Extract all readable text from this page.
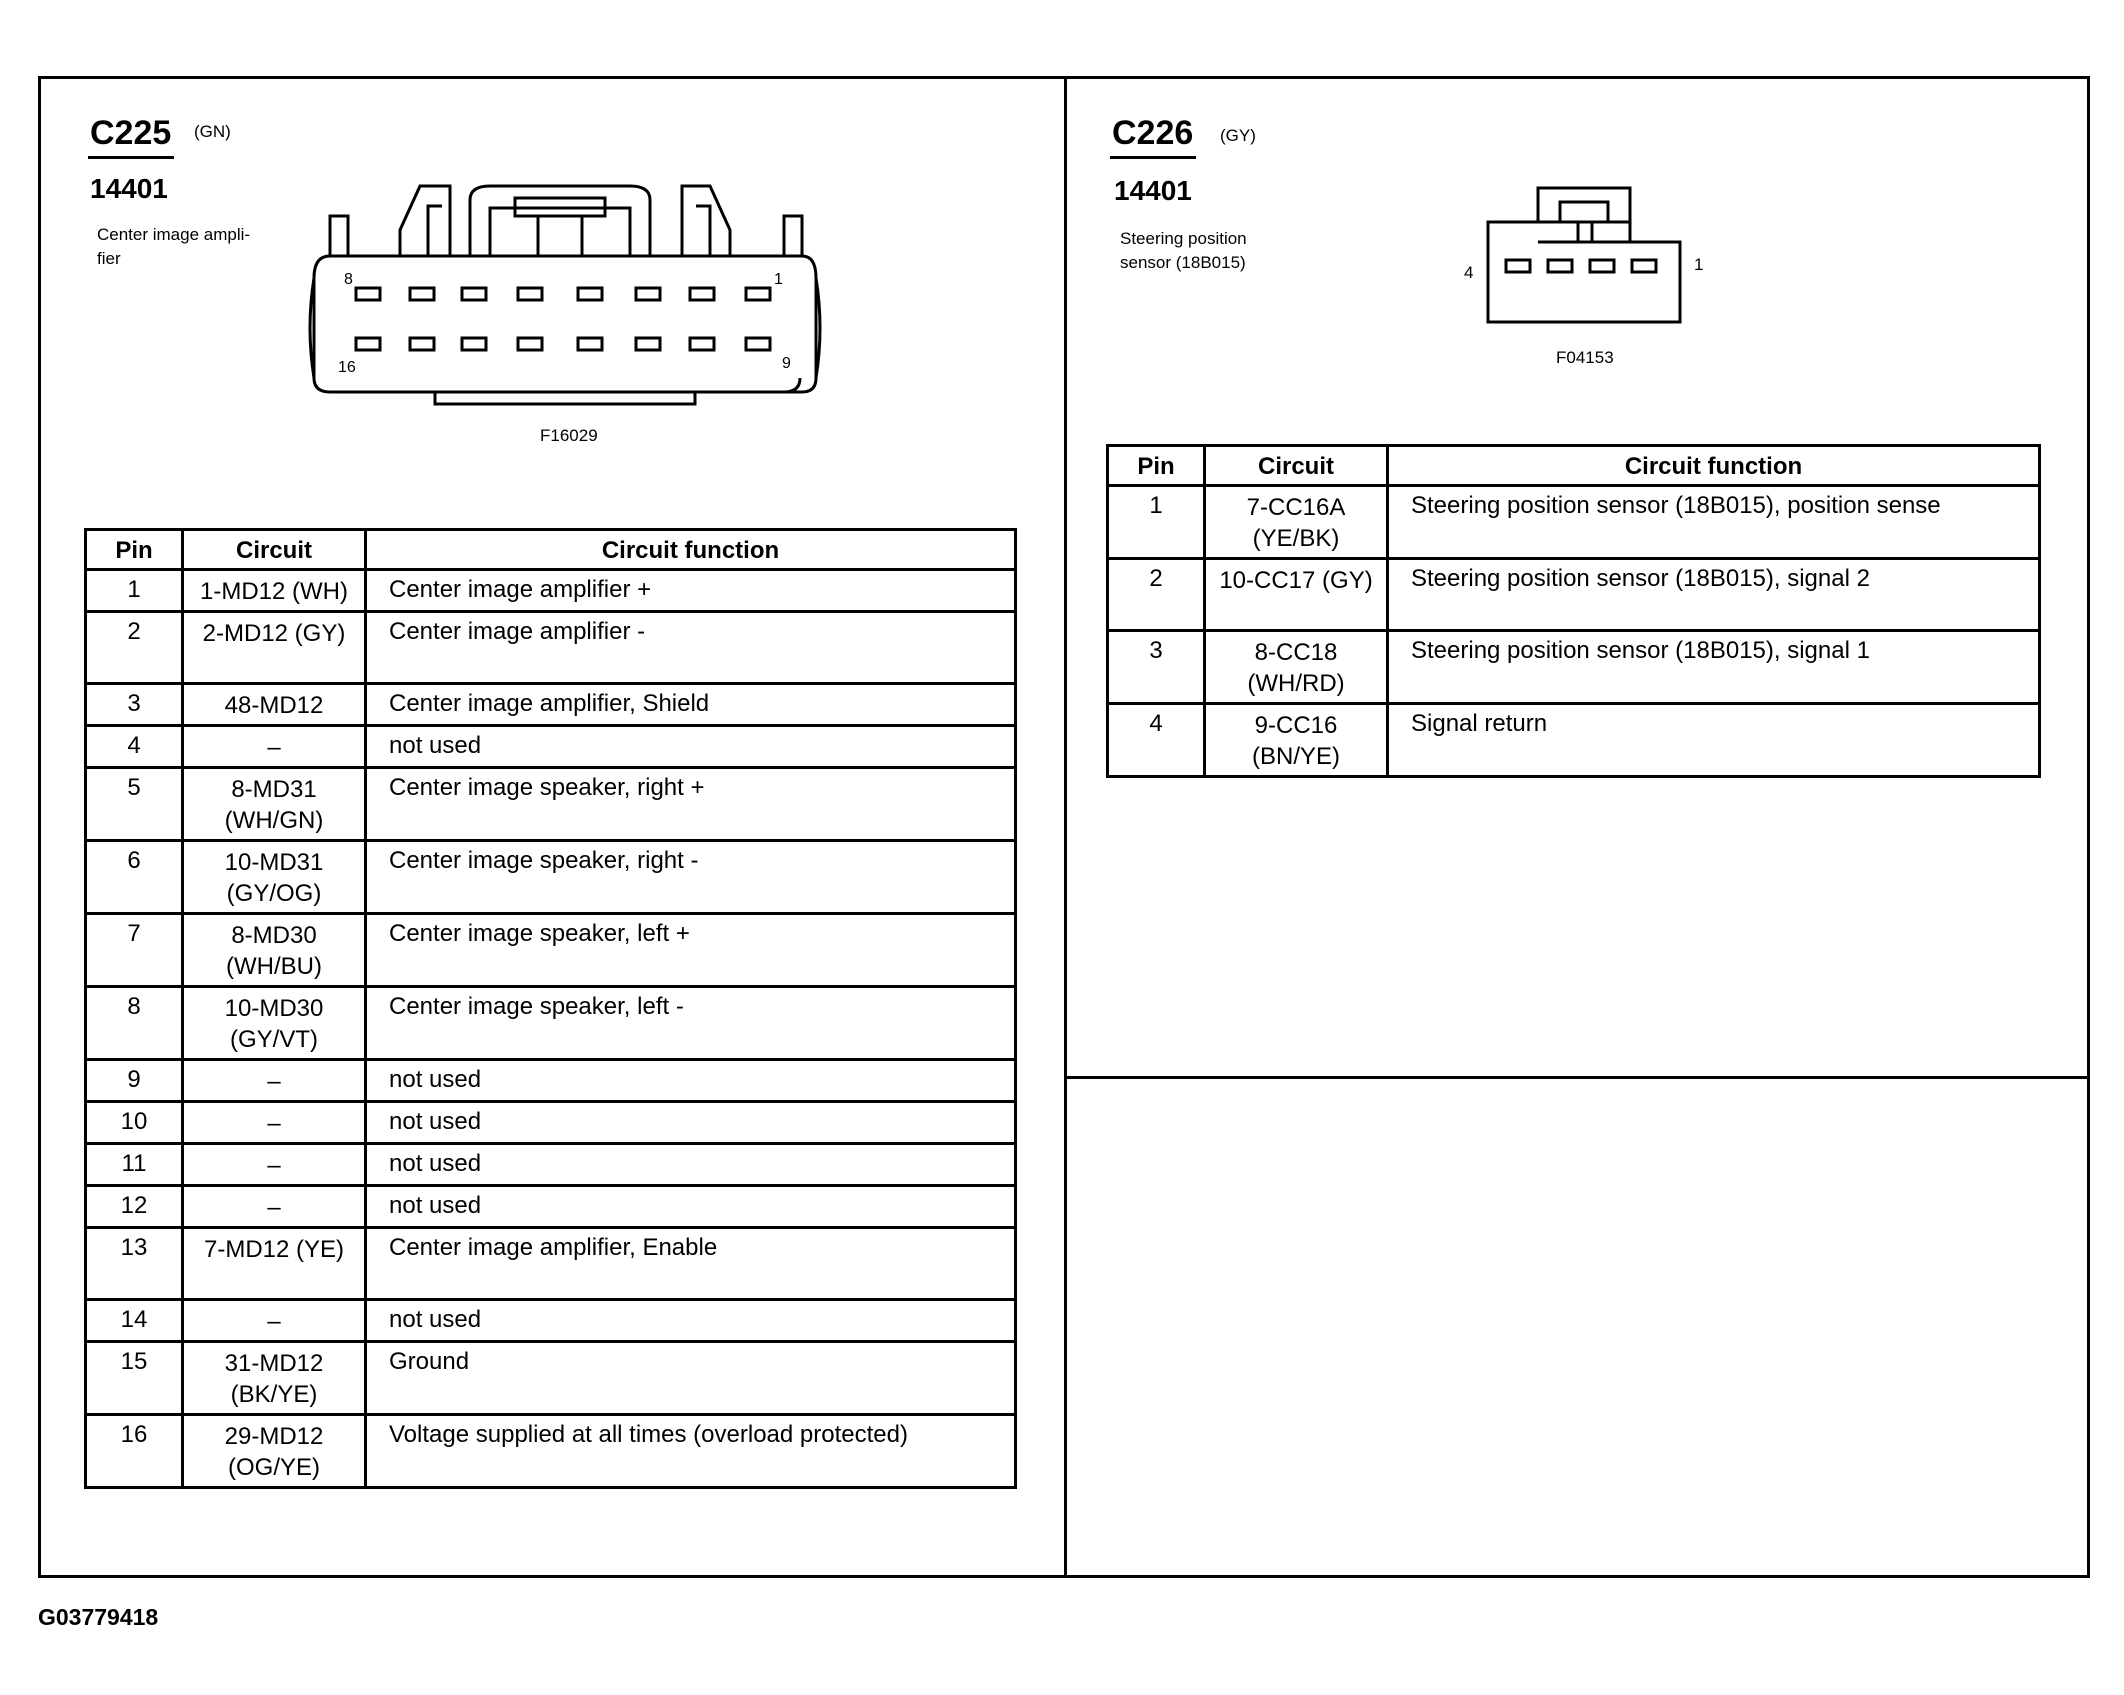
C225 (GN)
14401
Center image ampli-
fier
8	1
16	9
F16029
Pin	Circuit	Circuit function
1	1-MD12 (WH)	Center image amplifier +
2	2-MD12 (GY)	Center image amplifier -
3	48-MD12	Center image amplifier, Shield
4	–	not used
5	8-MD31
(WH/GN)	Center image speaker, right +
6	10-MD31
(GY/OG)	Center image speaker, right -
7	8-MD30
(WH/BU)	Center image speaker, left +
8	10-MD30
(GY/VT)	Center image speaker, left -
9	–	not used
10	–	not used
11	–	not used
12	–	not used
13	7-MD12 (YE)	Center image amplifier, Enable
14	–	not used
15	31-MD12
(BK/YE)	Ground
16	29-MD12
(OG/YE)	Voltage supplied at all times (overload protected)
C226 (GY)
14401
Steering position
sensor (18B015)
4	1
F04153
Pin	Circuit	Circuit function
1	7-CC16A
(YE/BK)	Steering position sensor (18B015), position sense
2	10-CC17 (GY)	Steering position sensor (18B015), signal 2
3	8-CC18
(WH/RD)	Steering position sensor (18B015), signal 1
4	9-CC16
(BN/YE)	Signal return
G03779418
